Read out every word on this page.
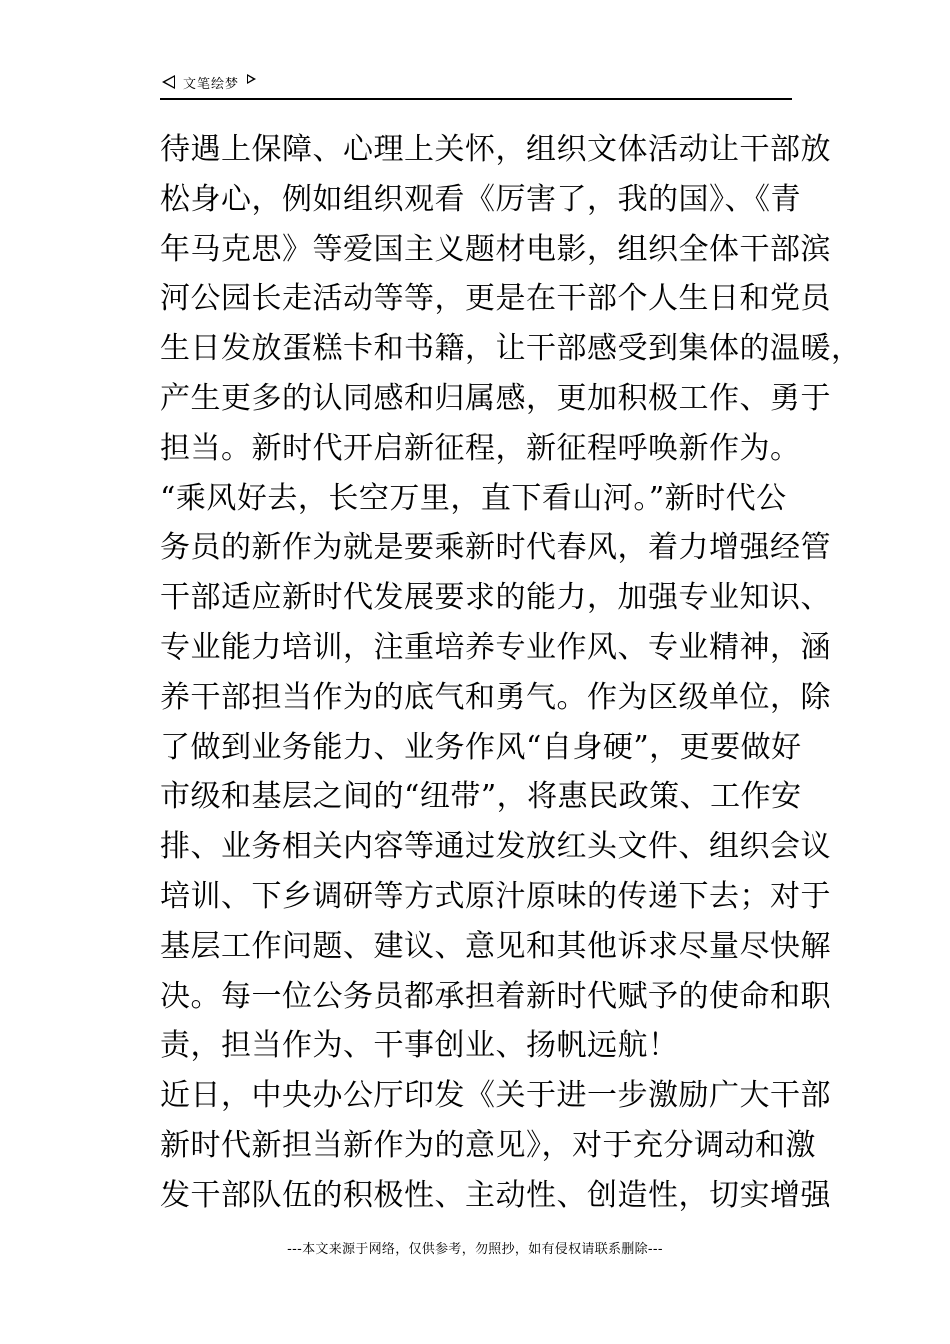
文笔绘梦
待遇上保障、心理上关怀，组织文体活动让干部放
松身心，例如组织观看《厉害了，我的国》、《青
年马克思》等爱国主义题材电影，组织全体干部滨
河公园长走活动等等，更是在干部个人生日和党员
生日发放蛋糕卡和书籍，让干部感受到集体的温暖，
产生更多的认同感和归属感，更加积极工作、勇于
担当。新时代开启新征程，新征程呼唤新作为。
“乘风好去，长空万里，直下看山河。”新时代公
务员的新作为就是要乘新时代春风，着力增强经管
干部适应新时代发展要求的能力，加强专业知识、
专业能力培训，注重培养专业作风、专业精神，涵
养干部担当作为的底气和勇气。作为区级单位，除
了做到业务能力、业务作风“自身硬”，更要做好
市级和基层之间的“纽带”，将惠民政策、工作安
排、业务相关内容等通过发放红头文件、组织会议
培训、下乡调研等方式原汁原味的传递下去；对于
基层工作问题、建议、意见和其他诉求尽量尽快解
决。每一位公务员都承担着新时代赋予的使命和职
责，担当作为、干事创业、扬帆远航！
近日，中央办公厅印发《关于进一步激励广大干部
新时代新担当新作为的意见》，对于充分调动和激
发干部队伍的积极性、主动性、创造性，切实增强
---本文来源于网络，仅供参考，勿照抄，如有侵权请联系删除---
